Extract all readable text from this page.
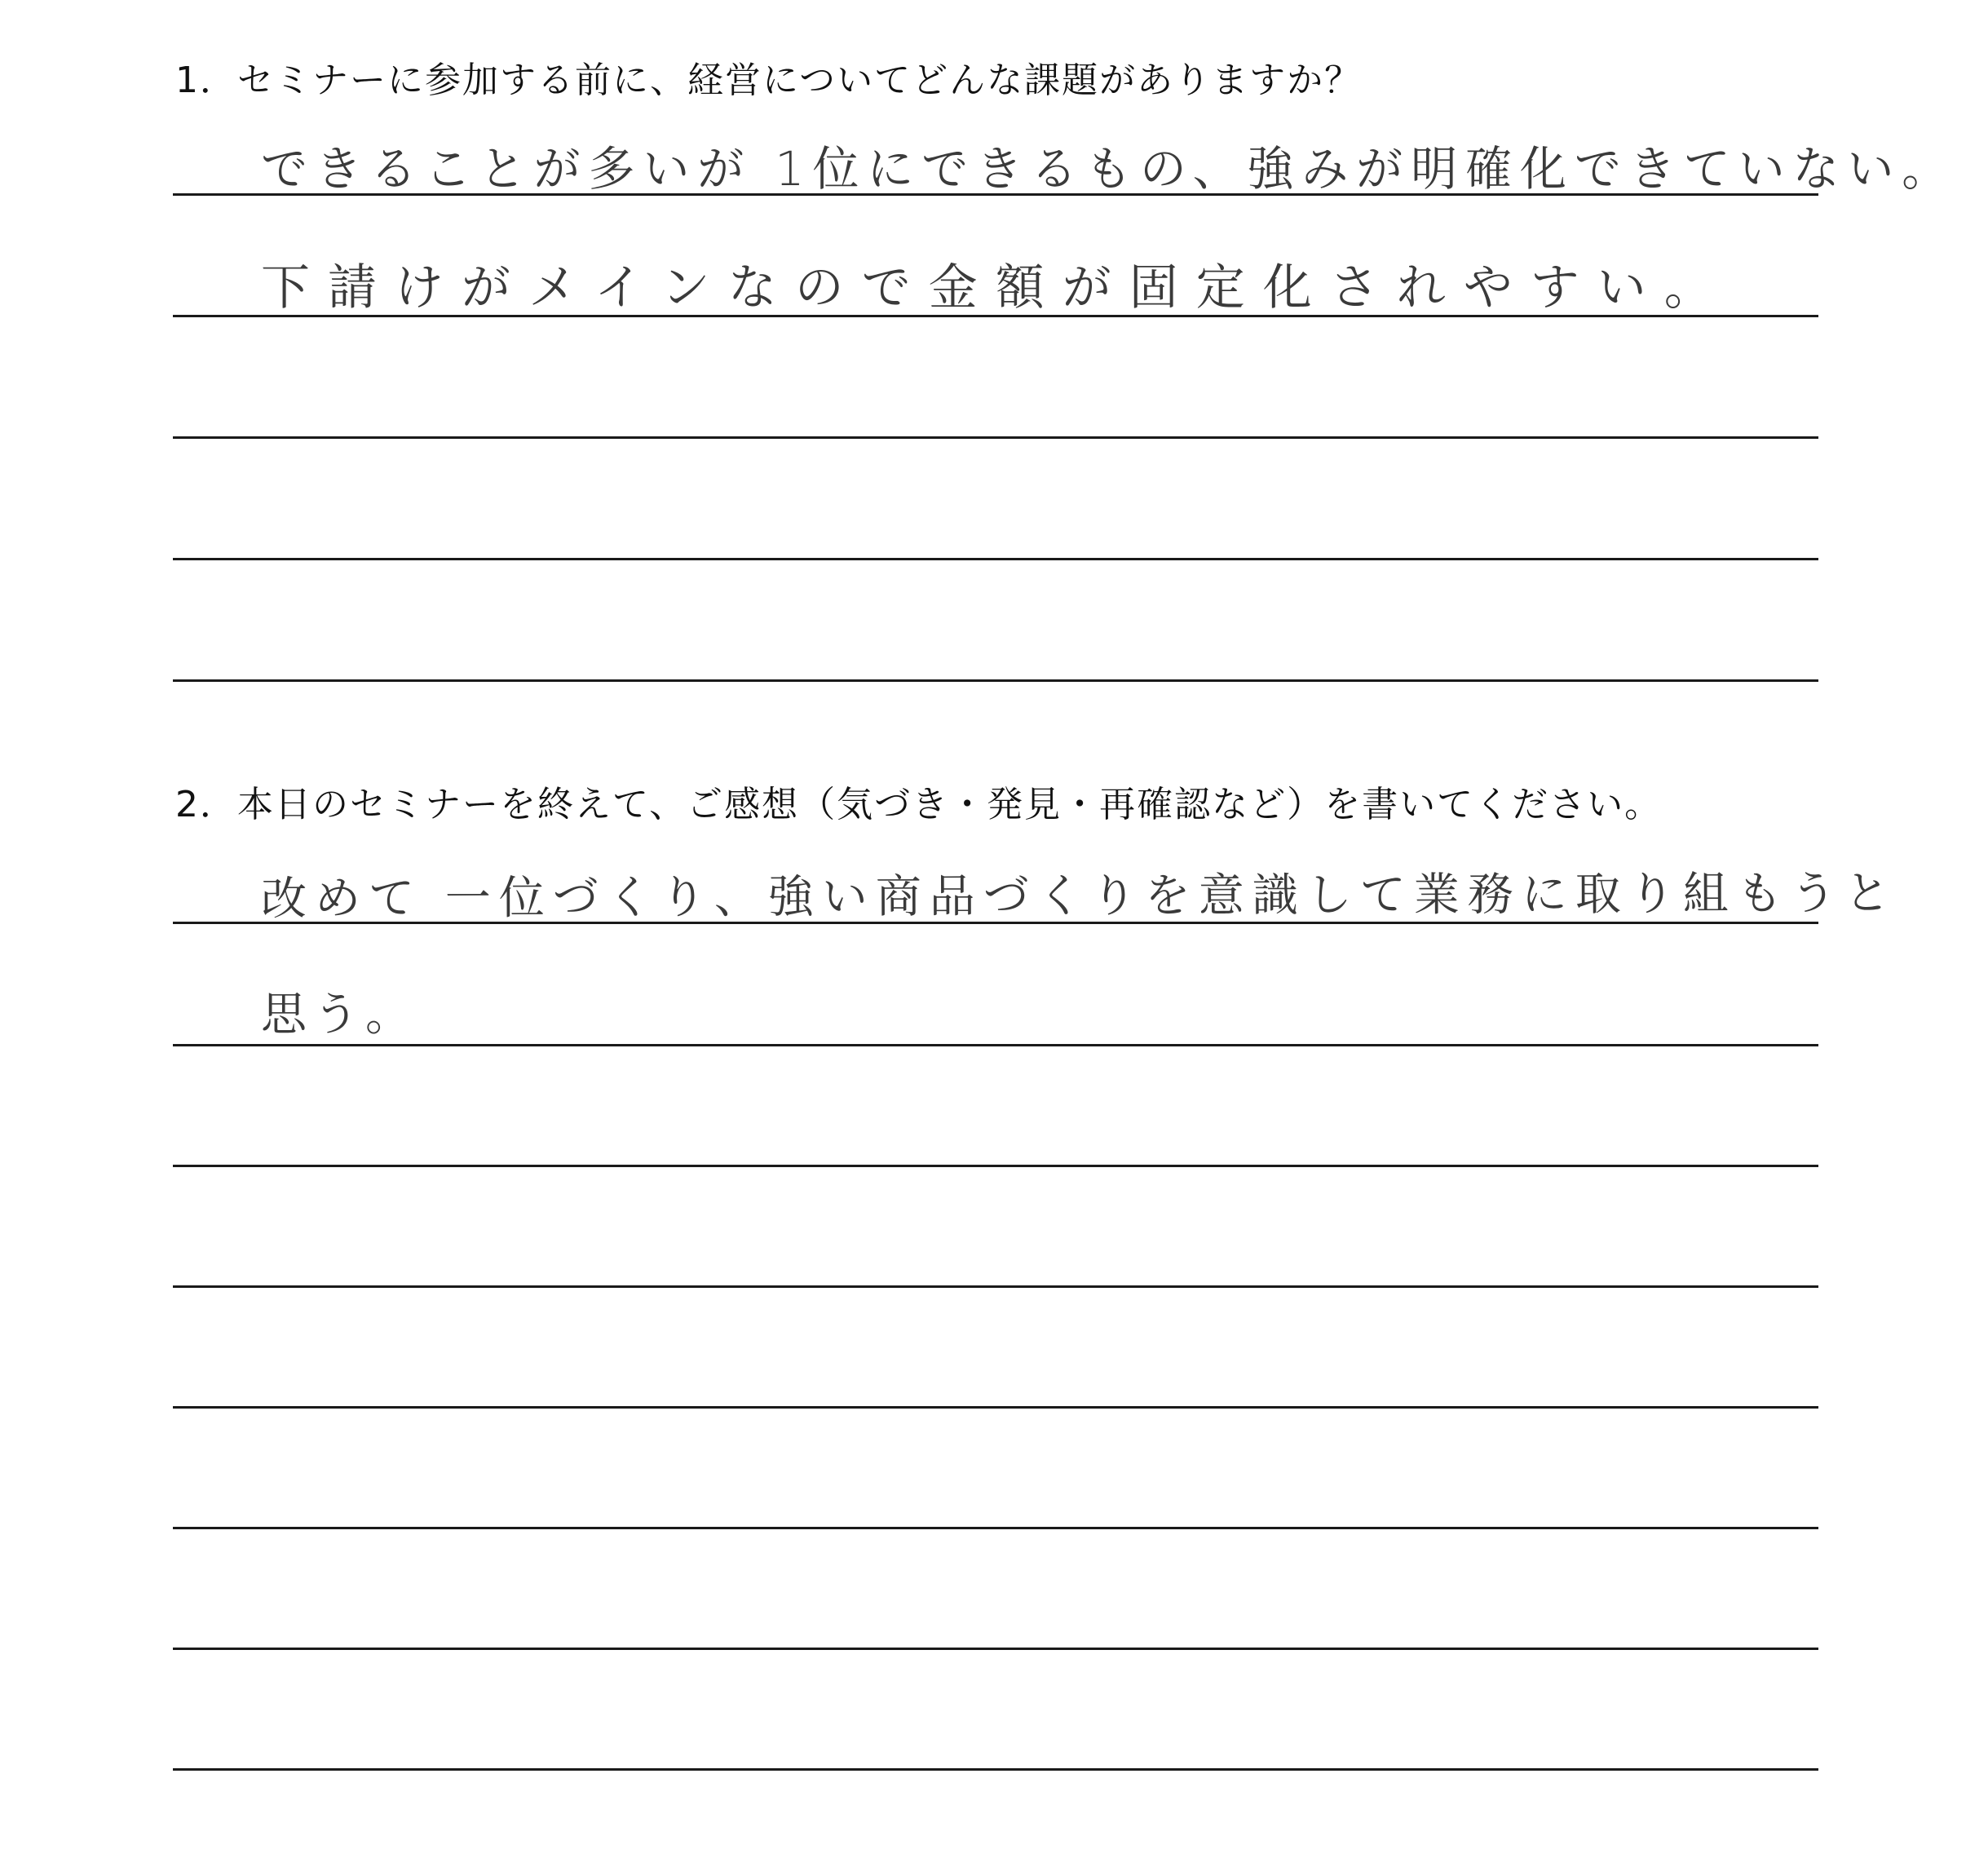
1．セミナーに参加する前に、経営についてどんな課題がありますか？
できることが多いが 1位にできるもの、強みが明確化できていない。
下請けがメインなので金額が固定化されやすい。
2．本日のセミナーを終えて、ご感想（気づき・発見・再確認など）を書いてください。
改めて 一位づくり、強い商品づくりを意識して業務に取り組もうと
思う。
